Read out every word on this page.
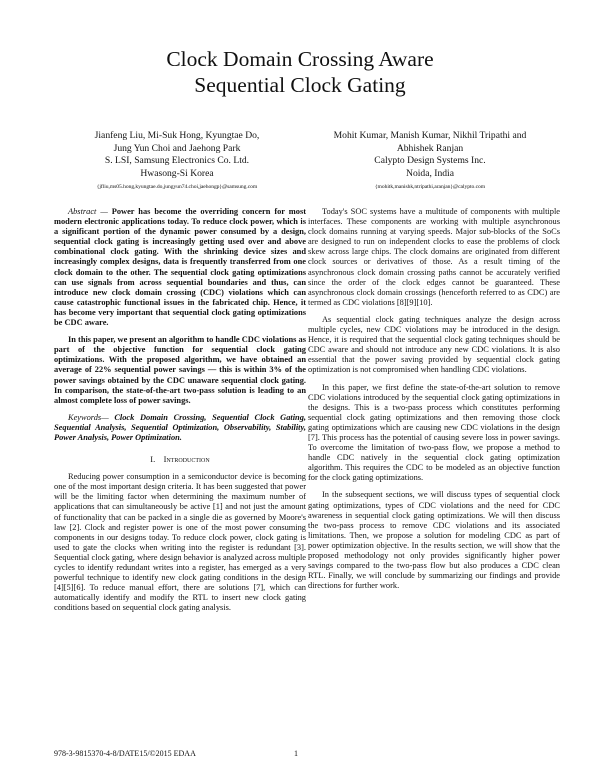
Clock Domain Crossing Aware
Sequential Clock Gating
Jianfeng Liu, Mi-Suk Hong, Kyungtae Do,
Jung Yun Choi and Jaehong Park
S. LSI, Samsung Electronics Co. Ltd.
Hwasong-Si Korea
{jfliu,ms05.hong,kyungtae.do,jungyun74.choi,jaehongp}@samsung.com
Mohit Kumar, Manish Kumar, Nikhil Tripathi and
Abhishek Ranjan
Calypto Design Systems Inc.
Noida, India
{mohitk,manishk,ntripathi,aranjan}@calypto.com

Abstract — Power has become the overriding concern for most modern electronic applications today. To reduce clock power, which is a significant portion of the dynamic power consumed by a design, sequential clock gating is increasingly getting used over and above combinational clock gating. With the shrinking device sizes and increasingly complex designs, data is frequently transferred from one clock domain to the other. The sequential clock gating optimizations can use signals from across sequential boundaries and thus, can introduce new clock domain crossing (CDC) violations which can cause catastrophic functional issues in the fabricated chip. Hence, it has become very important that sequential clock gating optimizations be CDC aware.

In this paper, we present an algorithm to handle CDC violations as part of the objective function for sequential clock gating optimizations. With the proposed algorithm, we have obtained an average of 22% sequential power savings — this is within 3% of the power savings obtained by the CDC unaware sequential clock gating. In comparison, the state-of-the-art two-pass solution is leading to an almost complete loss of power savings.

Keywords— Clock Domain Crossing, Sequential Clock Gating, Sequential Analysis, Sequential Optimization, Observability, Stability, Power Analysis, Power Optimization.

I. Introduction

Reducing power consumption in a semiconductor device is becoming one of the most important design criteria. It has been suggested that power will be the limiting factor when determining the maximum number of applications that can simultaneously be active [1] and not just the amount of functionality that can be packed in a single die as governed by Moore's law [2]. Clock and register power is one of the most power consuming components in our designs today. To reduce clock power, clock gating is used to gate the clocks when writing into the register is redundant [3]. Sequential clock gating, where design behavior is analyzed across multiple cycles to identify redundant writes into a register, has emerged as a very powerful technique to identify new clock gating conditions in the design [4][5][6]. To reduce manual effort, there are solutions [7], which can automatically identify and modify the RTL to insert new clock gating conditions based on sequential clock gating analysis.

Today's SOC systems have a multitude of components with multiple interfaces. These components are working with multiple asynchronous clock domains running at varying speeds. Major sub-blocks of the SoCs are designed to run on independent clocks to ease the problems of clock skew across large chips. The clock domains are originated from different clock sources or derivatives of those. As a result timing of the asynchronous clock domain crossing paths cannot be accurately verified since the order of the clock edges cannot be guaranteed. These asynchronous clock domain crossings (henceforth referred to as CDC) are termed as CDC violations [8][9][10].

As sequential clock gating techniques analyze the design across multiple cycles, new CDC violations may be introduced in the design. Hence, it is required that the sequential clock gating techniques should be CDC aware and should not introduce any new CDC violations. It is also essential that the power saving provided by sequential clock gating optimization is not compromised when handling CDC violations.

In this paper, we first define the state-of-the-art solution to remove CDC violations introduced by the sequential clock gating optimizations in the designs. This is a two-pass process which constitutes performing sequential clock gating optimizations and then removing those clock gating optimizations which are causing new CDC violations in the design [7]. This process has the potential of causing severe loss in power savings. To overcome the limitation of two-pass flow, we propose a method to handle CDC natively in the sequential clock gating optimization algorithm. This requires the CDC to be modeled as an objective function for the clock gating optimizations.

In the subsequent sections, we will discuss types of sequential clock gating optimizations, types of CDC violations and the need for CDC awareness in sequential clock gating optimizations. We will then discuss the two-pass process to remove CDC violations and its associated limitations. Then, we propose a solution for modeling CDC as part of power optimization objective. In the results section, we will show that the proposed methodology not only provides significantly higher power savings compared to the two-pass flow but also produces a CDC clean RTL. Finally, we will conclude by summarizing our findings and provide directions for further work.

978-3-9815370-4-8/DATE15/©2015 EDAA	1
